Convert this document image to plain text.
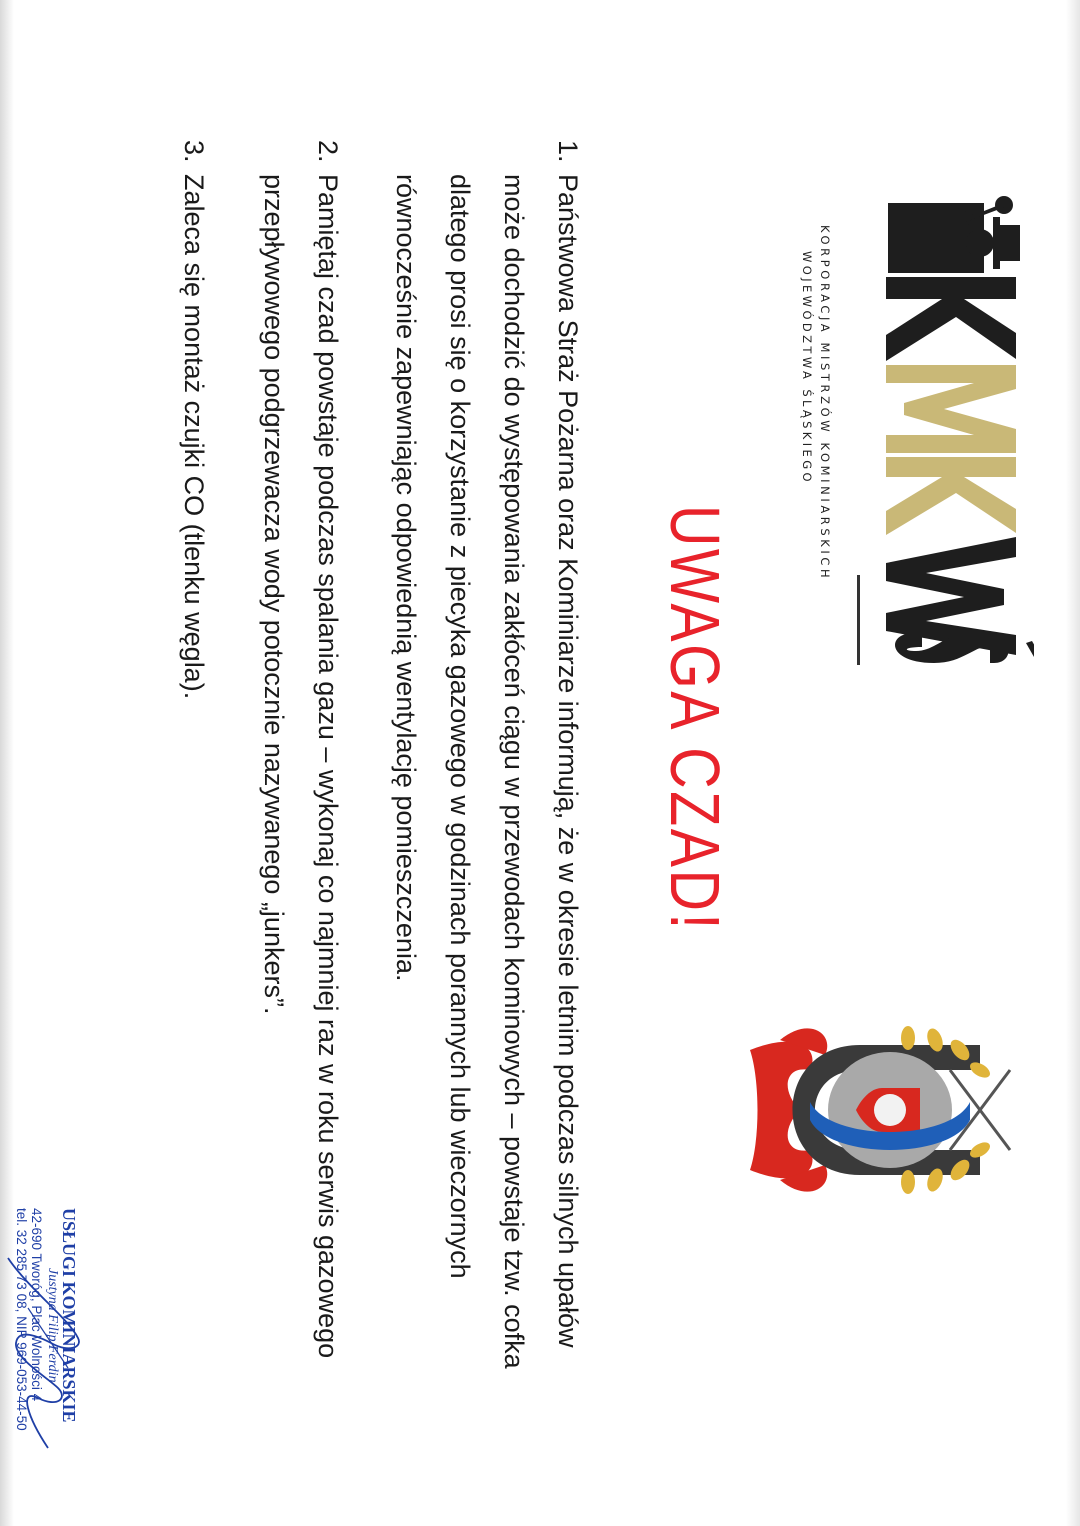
KORPORACJA MISTRZÓW KOMINIARSKICH
WOJEWÓDZTWA ŚLĄSKIEGO
UWAGA CZAD!
1.
Państwowa Straż Pożarna oraz Kominiarze informują, że w okresie letnim podczas silnych upałów może dochodzić do występowania zakłóceń ciągu w przewodach kominowych – powstaje tzw. cofka dlatego prosi się o korzystanie z piecyka gazowego w godzinach porannych lub wieczornych równocześnie zapewniając odpowiednią wentylację pomieszczenia.
2.
Pamiętaj czad powstaje podczas spalania gazu – wykonaj co najmniej raz w roku serwis gazowego przepływowego podgrzewacza wody potocznie nazywanego „junkers”.
3.
Zaleca się montaż czujki CO (tlenku węgla).
USŁUGI KOMINIARSKIE
Justyna Filip Ferdin
42-690 Tworóg, Plac Wolności 4
tel. 32 285 73 08, NIP 969-053-44-50
